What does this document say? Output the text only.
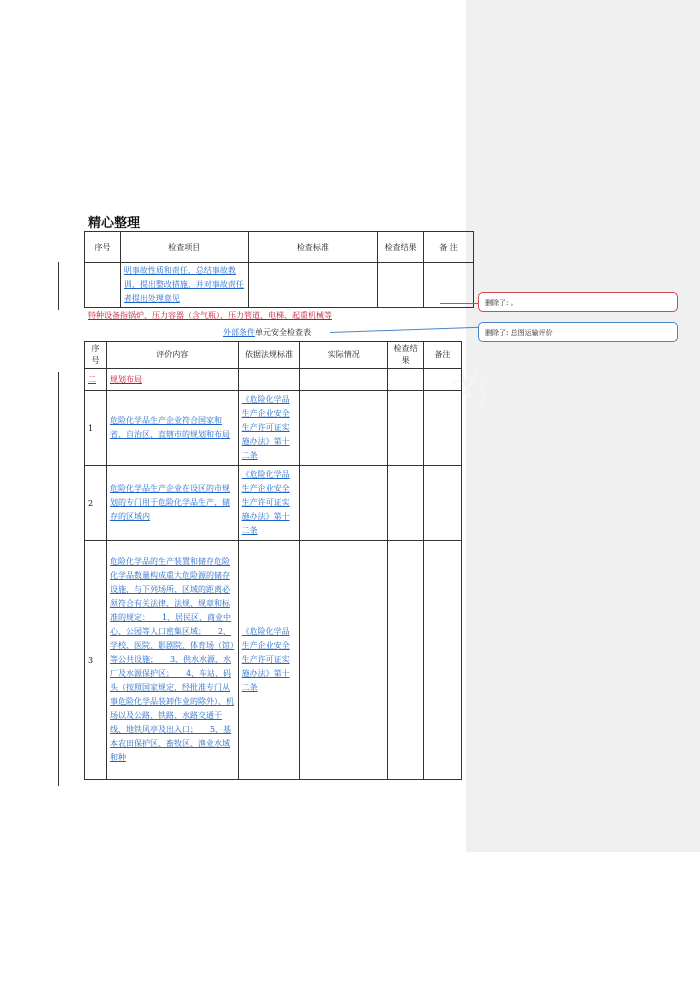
考
精心整理
序号	检查项目	检查标准	检查结果	备 注
	明事故性质和责任，总结事故教训，提出整改措施，并对事故责任者提出处理意见			
特种设备指锅炉、压力容器（含气瓶）、压力管道、电梯、起重机械等
外部条件单元安全检查表
序号	评价内容	依据法规标准	实际情况	检查结果	备注
二	规划布局				
1	危险化学品生产企业符合国家和省、自治区、直辖市的规划和布局	《危险化学品生产企业安全生产许可证实施办法》第十二条			
2	危险化学品生产企业在设区的市规划的专门用于危险化学品生产、储存的区域内	《危险化学品生产企业安全生产许可证实施办法》第十二条			
3	危险化学品的生产装置和储存危险化学品数量构成重大危险源的储存设施，与下列场所、区域的距离必须符合有关法律、法规、规章和标准的规定：　　1、居民区、商业中心、公园等人口密集区域；　　2、学校、医院、影剧院、体育场（馆）等公共设施；　　3、供水水源、水厂及水源保护区；　　4、车站、码头（按照国家规定，经批准专门从事危险化学品装卸作业的除外）、机场以及公路、铁路、水路交通干线、地铁风亭及出入口；　　5、基本农田保护区、畜牧区、渔业水域和种	《危险化学品生产企业安全生产许可证实施办法》第十二条			
删除了: 。
删除了: 总图运输评价
